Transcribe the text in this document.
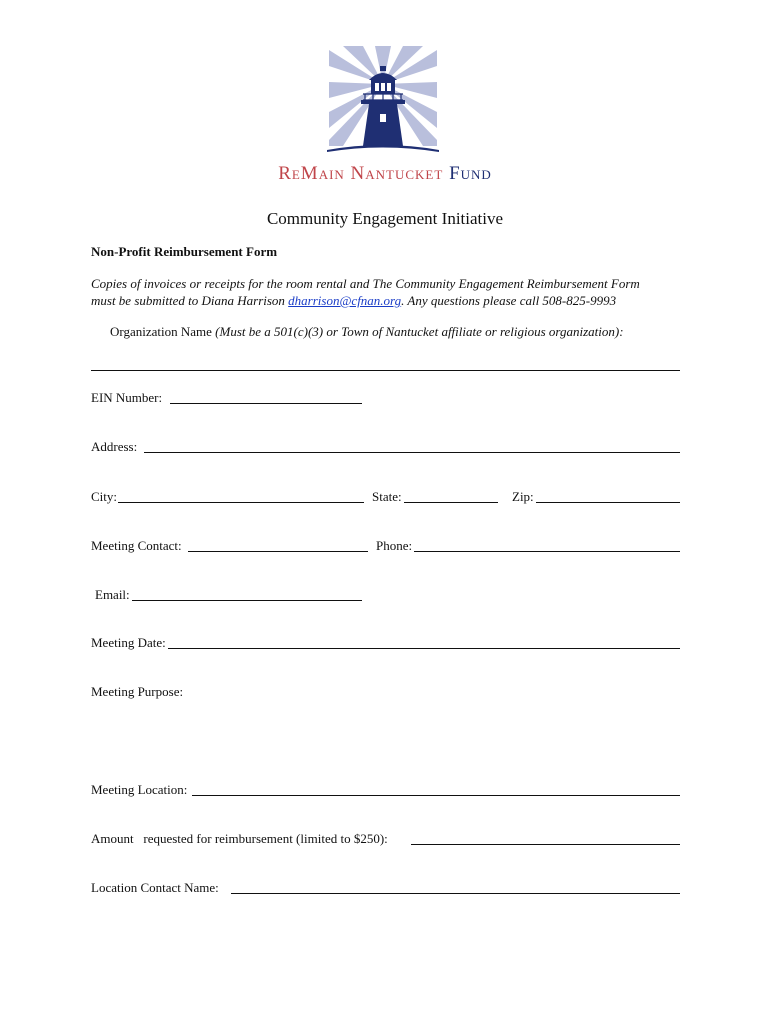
ReMain Nantucket Fund
Community Engagement Initiative
Non-Profit Reimbursement Form
Copies of invoices or receipts for the room rental and The Community Engagement Reimbursement Form
must be submitted to Diana Harrison dharrison@cfnan.org. Any questions please call 508-825-9993
Organization Name (Must be a 501(c)(3) or Town of Nantucket affiliate or religious organization):
EIN Number:
Address:
City:	State:	Zip:
Meeting Contact:	Phone:
Email:
Meeting Date:
Meeting Purpose:
Meeting Location:
Amount   requested for reimbursement (limited to $250):
Location Contact Name:
